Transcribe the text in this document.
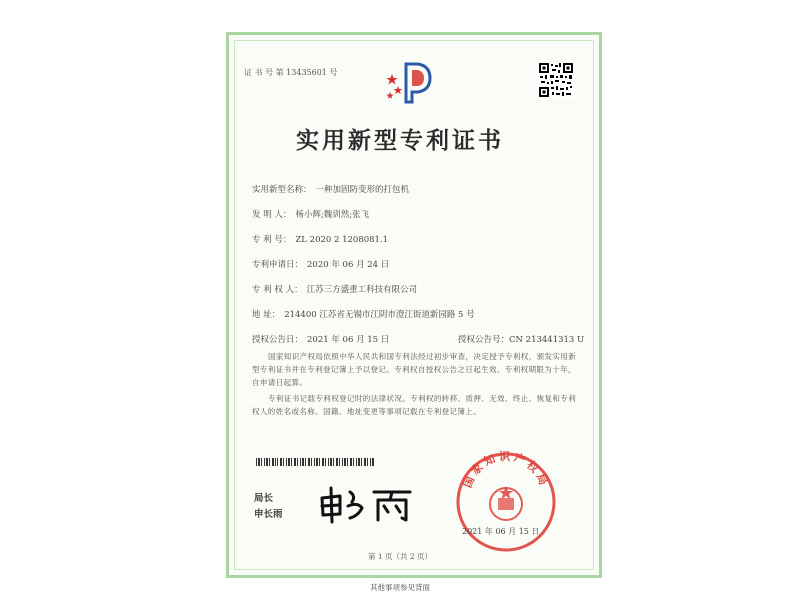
证 书 号 第 13435601 号
实用新型专利证书
实用新型名称： 一种加固防变形的打包机
发 明 人： 杨小辉;魏训然;张飞
专 利 号： ZL 2020 2 1208081.1
专利申请日： 2020 年 06 月 24 日
专 利 权 人： 江苏三方盛重工科技有限公司
地 址： 214400 江苏省无锡市江阴市澄江街道新园路 5 号
授权公告日： 2021 年 06 月 15 日	授权公告号：CN 213441313 U
国家知识产权局依照中华人民共和国专利法经过初步审查，决定授予专利权，颁发实用新型专利证书并在专利登记簿上予以登记。专利权自授权公告之日起生效。专利权期限为十年，自申请日起算。
专利证书记载专利权登记时的法律状况。专利权的转移、质押、无效、终止、恢复和专利权人的姓名或名称、国籍、地址变更等事项记载在专利登记簿上。
局长
申长雨
国家知识产权局
2021 年 06 月 15 日
第 1 页（共 2 页）
其他事项参见背面
